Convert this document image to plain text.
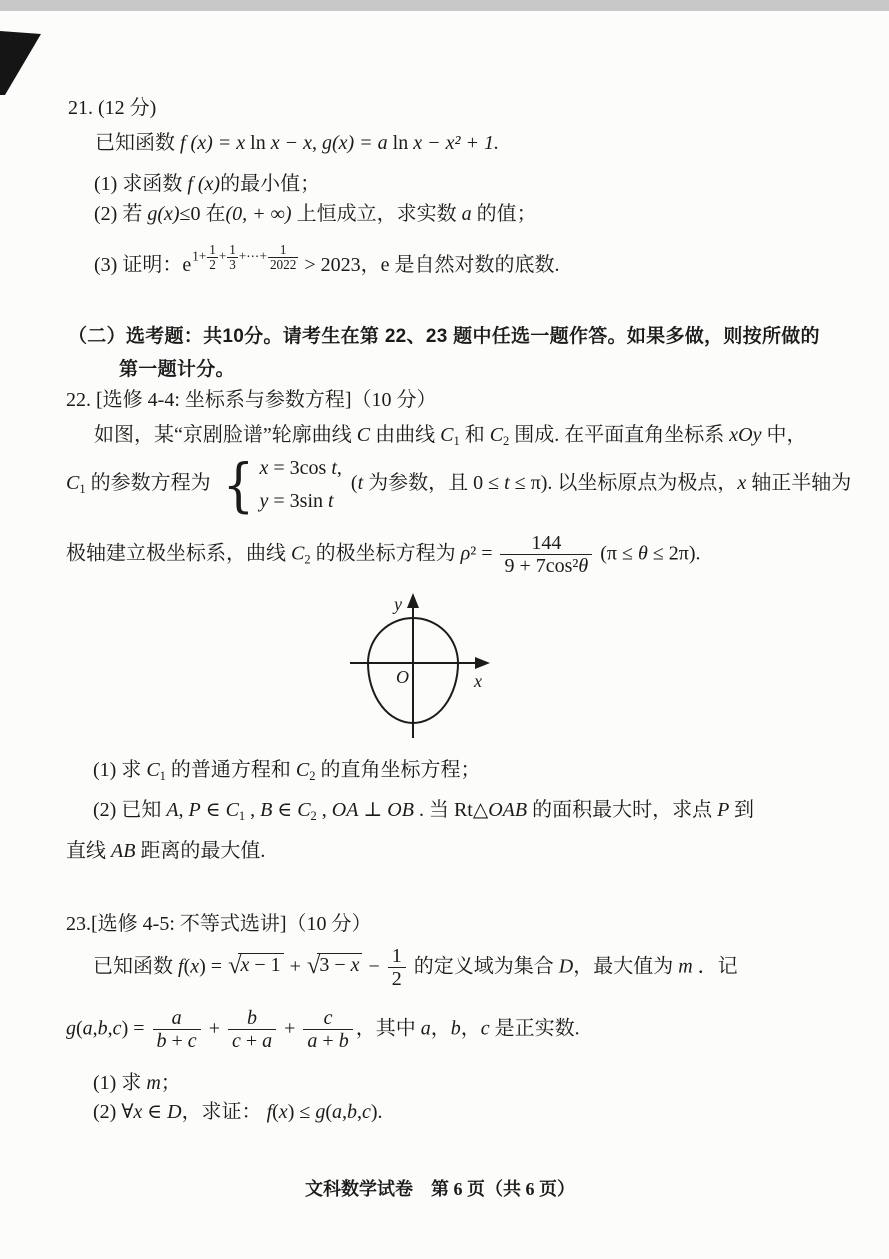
21. (12 分)
已知函数 f (x) = x ln x − x, g(x) = a ln x − x² + 1.
(1) 求函数 f (x)的最小值；
(2) 若 g(x)≤0 在(0, + ∞) 上恒成立，求实数 a 的值；
(3) 证明：$e1+ \frac{1}{2} + \frac{1}{3}$ +⋯+ $\frac{1}{2022} > 2023$，e 是自然对数的底数.
（二）选考题：共10分。请考生在第 22、23 题中任选一题作答。如果多做，则按所做的
第一题计分。
22. [选修 4-4: 坐标系与参数方程]（10 分）
如图，某“京剧脸谱”轮廓曲线 C 由曲线 $C_1$ 和 $C_2$ 围成. 在平面直角坐标系 xOy 中，
$C_1$ 的参数方程为 { x = 3cos t,
y = 3sin t
(t 为参数，且 0 ≤ t ≤ π). 以坐标原点为极点，x 轴正半轴为
极轴建立极坐标系，曲线 $C_2$ 的极坐标方程为 $\rho^2 = \frac{144}{\text{9 + 7cos²θ}} (\pi \le \theta \le 2\pi)$.
y
x
O
(1) 求 $C_1$ 的普通方程和 $C_2$ 的直角坐标方程；
(2) 已知 A, P ∈ $C_1$ , B ∈ $C_2$ , OA ⊥ OB . 当 Rt△OAB 的面积最大时，求点 P 到
直线 AB 距离的最大值.
23.[选修 4-5: 不等式选讲]（10 分）
已知函数 $f(x) = √x - 1 + √3 - x - \frac{1}{2}$ 的定义域为集合 D，最大值为 m ．记
$g(a,b,c) = \frac{a}{b + c} + \frac{b}{c + a} + \frac{c}{a + b}$ ，其中 a，b，c 是正实数.
(1) 求 m；
(2) ∀x ∈ D，求证： f(x) ≤ g(a,b,c).
文科数学试卷　第 6 页（共 6 页）
